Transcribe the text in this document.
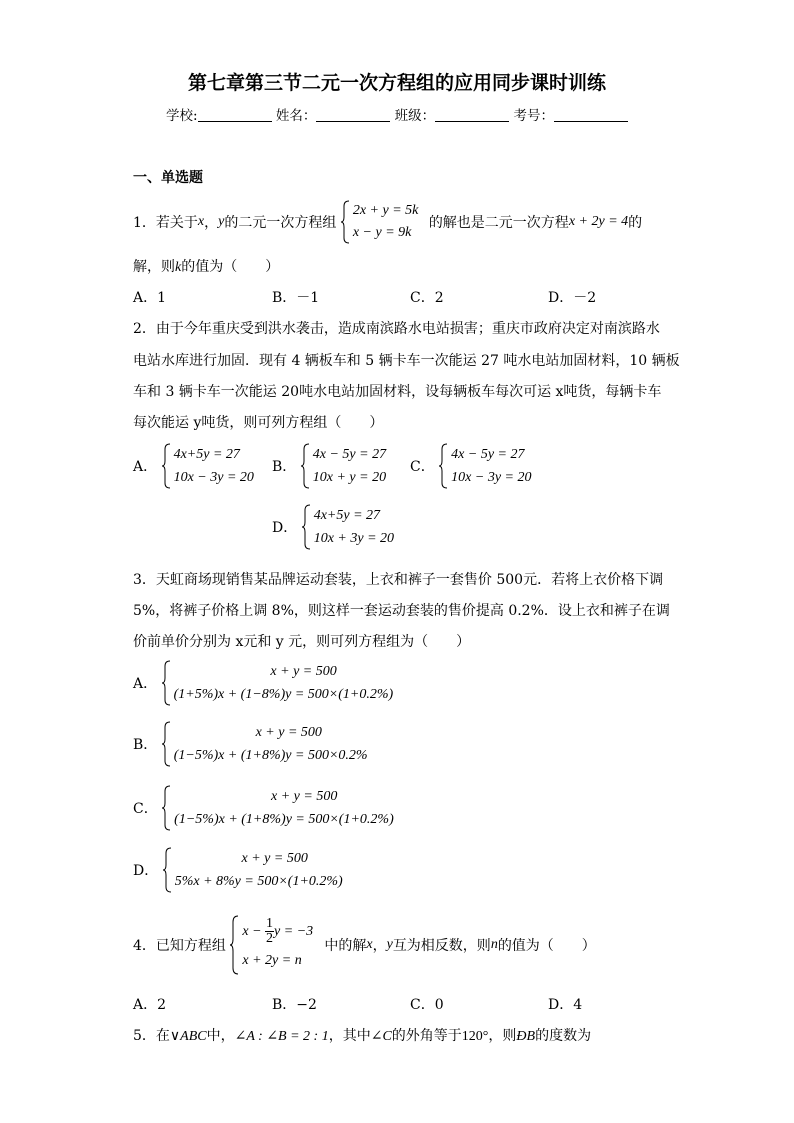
第七章第三节二元一次方程组的应用同步课时训练
学校:	姓名：	班级：	考号：
一、单选题
1．若关于x，y的二元一次方程组
2x + y = 5k
x − y = 9k
的解也是二元一次方程x + 2y = 4的
解，则k的值为（　　）
A．1	B．－1	C．2	D．－2
2．由于今年重庆受到洪水袭击，造成南滨路水电站损害；重庆市政府决定对南滨路水
电站水库进行加固．现有 4 辆板车和 5 辆卡车一次能运 27 吨水电站加固材料，10 辆板
车和 3 辆卡车一次能运 20吨水电站加固材料，设每辆板车每次可运 x吨货，每辆卡车
每次能运 y吨货，则可列方程组（　　）
A．
4x+5y = 27
10x − 3y = 20
B．
4x − 5y = 27
10x + y = 20
C．
4x − 5y = 27
10x − 3y = 20
D．
4x+5y = 27
10x + 3y = 20
3．天虹商场现销售某品牌运动套装，上衣和裤子一套售价 500元．若将上衣价格下调
5%，将裤子价格上调 8%，则这样一套运动套装的售价提高 0.2%．设上衣和裤子在调
价前单价分别为 x元和 y 元，则可列方程组为（　　）
A．
x + y = 500
(1+5%)x + (1−8%)y = 500×(1+0.2%)
B．
x + y = 500
(1−5%)x + (1+8%)y = 500×0.2%
C．
x + y = 500
(1−5%)x + (1+8%)y = 500×(1+0.2%)
D．
x + y = 500
5%x + 8%y = 500×(1+0.2%)
4．已知方程组
$x - \frac{1}{2}$ y = −3
x + 2y = n
中的解x，y互为相反数，则n的值为（　　）
A．2	B．−2	C．0	D．4
5．在∨ABC中，∠A : ∠B = 2 : 1，其中∠C的外角等于120°，则ÐB的度数为
